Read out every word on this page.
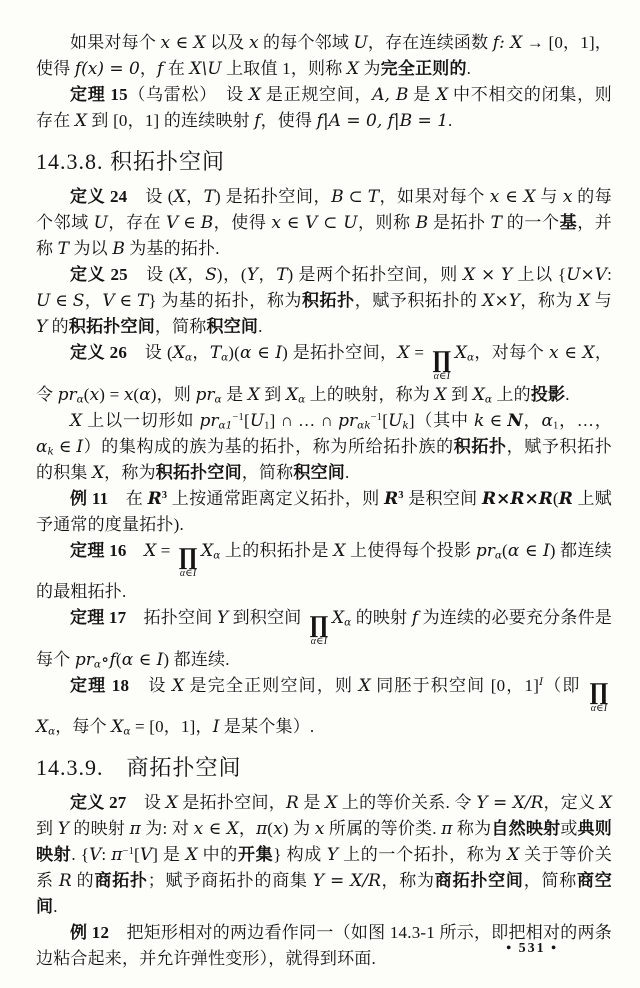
如果对每个 x ∈ X 以及 x 的每个邻域 U，存在连续函数 f: X → [0，1]，使得 f(x) = 0，f 在 X\U 上取值 1，则称 X 为完全正则的.

定理 15（乌雷松）　设 X 是正规空间，A, B 是 X 中不相交的闭集，则存在 X 到 [0，1] 的连续映射 f，使得 f|A = 0, f|B = 1.

14.3.8. 积拓扑空间

定义 24　设 (X，T) 是拓扑空间，B ⊂ T，如果对每个 x ∈ X 与 x 的每个邻域 U，存在 V ∈ B，使得 x ∈ V ⊂ U，则称 B 是拓扑 T 的一个基，并称 T 为以 B 为基的拓扑.

定义 25　设 (X，S)，(Y，T) 是两个拓扑空间，则 X × Y 上以 {U×V: U ∈ S，V ∈ T} 为基的拓扑，称为积拓扑，赋予积拓扑的 X×Y，称为 X 与 Y 的积拓扑空间，简称积空间.

定义 26　设 ($X_\alpha$，$T_\alpha)(\alpha$ ∈ I) 是拓扑空间，X = ∏
α∈I
$X_\alpha$，对每个 x ∈ X，令 $pr_\alpha(x) = x(\alpha)$，则 $pr_\alpha$ 是 X 到 $X_\alpha$ 上的映射，称为 X 到 $X_\alpha$ 上的投影.

X 上以一切形如 $pr_{\alpha 1}^{-1}[U_1]$ ∩ … ∩ $pr_{\alpha k}^{-1}[U_k]$（其中 k ∈ N，$\alpha_1$，…，$\alpha_k$ ∈ I）的集构成的族为基的拓扑，称为所给拓扑族的积拓扑，赋予积拓扑的积集 X，称为积拓扑空间，简称积空间.

例 11　在 $R^3$ 上按通常距离定义拓扑，则 $R^3$ 是积空间 R×R×R(R 上赋予通常的度量拓扑).

定理 16　 X = ∏
α∈I
$X_\alpha$ 上的积拓扑是 X 上使得每个投影 $pr_\alpha(\alpha$ ∈ I) 都连续的最粗拓扑.

定理 17　拓扑空间 Y 到积空间 ∏
α∈I
$X_\alpha$ 的映射 f 为连续的必要充分条件是每个 $pr_\alpha\circ f(\alpha$ ∈ I) 都连续.

定理 18　设 X 是完全正则空间，则 X 同胚于积空间 [0，1]$^I$（即 ∏
α∈I
$X_\alpha$，每个 $X_\alpha = [0$，1]，I 是某个集）.

14.3.9.　商拓扑空间

定义 27　设 X 是拓扑空间，R 是 X 上的等价关系. 令 Y = X/R，定义 X 到 Y 的映射 π 为: 对 x ∈ X，π(x) 为 x 所属的等价类. π 称为自然映射或典则映射. {V: $\pi^{-1}[V]$ 是 X 中的开集} 构成 Y 上的一个拓扑，称为 X 关于等价关系 R 的商拓扑；赋予商拓扑的商集 Y = X/R，称为商拓扑空间，简称商空间.

例 12　把矩形相对的两边看作同一（如图 14.3-1 所示，即把相对的两条边粘合起来，并允许弹性变形），就得到环面.

• 531 •
